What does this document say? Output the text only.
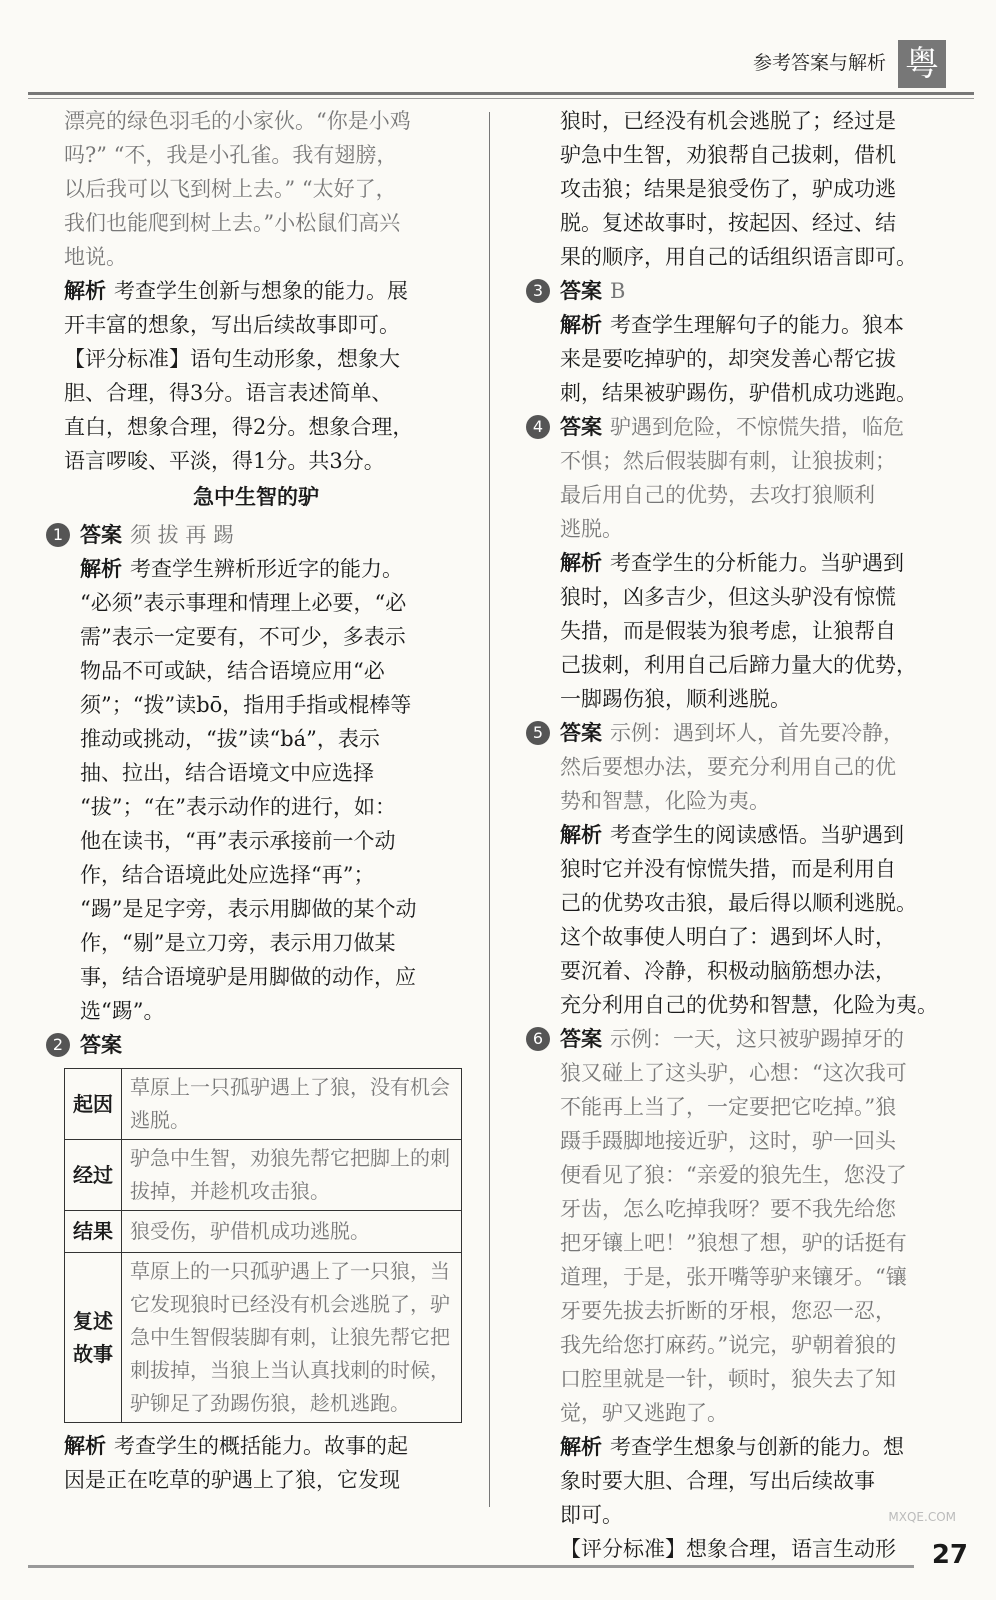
参考答案与解析 粤

漂亮的绿色羽毛的小家伙。“你是小鸡

吗?” “不，我是小孔雀。我有翅膀，

以后我可以飞到树上去。” “太好了，

我们也能爬到树上去。”小松鼠们高兴

地说。

解析 考查学生创新与想象的能力。展

开丰富的想象，写出后续故事即可。

【评分标准】语句生动形象，想象大

胆、合理，得3分。语言表述简单、

直白，想象合理，得2分。想象合理，

语言啰唆、平淡，得1分。共3分。

急中生智的驴

1 答案 须 拔 再 踢

解析 考查学生辨析形近字的能力。

“必须”表示事理和情理上必要，“必

需”表示一定要有，不可少，多表示

物品不可或缺，结合语境应用“必

须”；“拨”读bō，指用手指或棍棒等

推动或挑动，“拔”读“bá”，表示

抽、拉出，结合语境文中应选择

“拔”；“在”表示动作的进行，如：

他在读书，“再”表示承接前一个动

作，结合语境此处应选择“再”；

“踢”是足字旁，表示用脚做的某个动

作，“剔”是立刀旁，表示用刀做某

事，结合语境驴是用脚做的动作，应

选“踢”。

2 答案

起因	草原上一只孤驴遇上了狼，没有机会逃脱。
经过	驴急中生智，劝狼先帮它把脚上的刺拔掉，并趁机攻击狼。
结果	狼受伤，驴借机成功逃脱。
复述故事	草原上的一只孤驴遇上了一只狼，当它发现狼时已经没有机会逃脱了，驴急中生智假装脚有刺，让狼先帮它把刺拔掉，当狼上当认真找刺的时候，驴铆足了劲踢伤狼，趁机逃跑。

解析 考查学生的概括能力。故事的起

因是正在吃草的驴遇上了狼，它发现

狼时，已经没有机会逃脱了；经过是

驴急中生智，劝狼帮自己拔刺，借机

攻击狼；结果是狼受伤了，驴成功逃

脱。复述故事时，按起因、经过、结

果的顺序，用自己的话组织语言即可。

3 答案 B

解析 考查学生理解句子的能力。狼本

来是要吃掉驴的，却突发善心帮它拔

刺，结果被驴踢伤，驴借机成功逃跑。

4 答案 驴遇到危险，不惊慌失措，临危

不惧；然后假装脚有刺，让狼拔刺；

最后用自己的优势，去攻打狼顺利

逃脱。

解析 考查学生的分析能力。当驴遇到

狼时，凶多吉少，但这头驴没有惊慌

失措，而是假装为狼考虑，让狼帮自

己拔刺，利用自己后蹄力量大的优势，

一脚踢伤狼，顺利逃脱。

5 答案 示例：遇到坏人，首先要冷静，

然后要想办法，要充分利用自己的优

势和智慧，化险为夷。

解析 考查学生的阅读感悟。当驴遇到

狼时它并没有惊慌失措，而是利用自

己的优势攻击狼，最后得以顺利逃脱。

这个故事使人明白了：遇到坏人时，

要沉着、冷静，积极动脑筋想办法，

充分利用自己的优势和智慧，化险为夷。

6 答案 示例：一天，这只被驴踢掉牙的

狼又碰上了这头驴，心想：“这次我可

不能再上当了，一定要把它吃掉。”狼

蹑手蹑脚地接近驴，这时，驴一回头

便看见了狼：“亲爱的狼先生，您没了

牙齿，怎么吃掉我呀？要不我先给您

把牙镶上吧！”狼想了想，驴的话挺有

道理，于是，张开嘴等驴来镶牙。“镶

牙要先拔去折断的牙根，您忍一忍，

我先给您打麻药。”说完，驴朝着狼的

口腔里就是一针，顿时，狼失去了知

觉，驴又逃跑了。

解析 考查学生想象与创新的能力。想

象时要大胆、合理，写出后续故事

即可。

【评分标准】想象合理，语言生动形

MXQE.COM
27
